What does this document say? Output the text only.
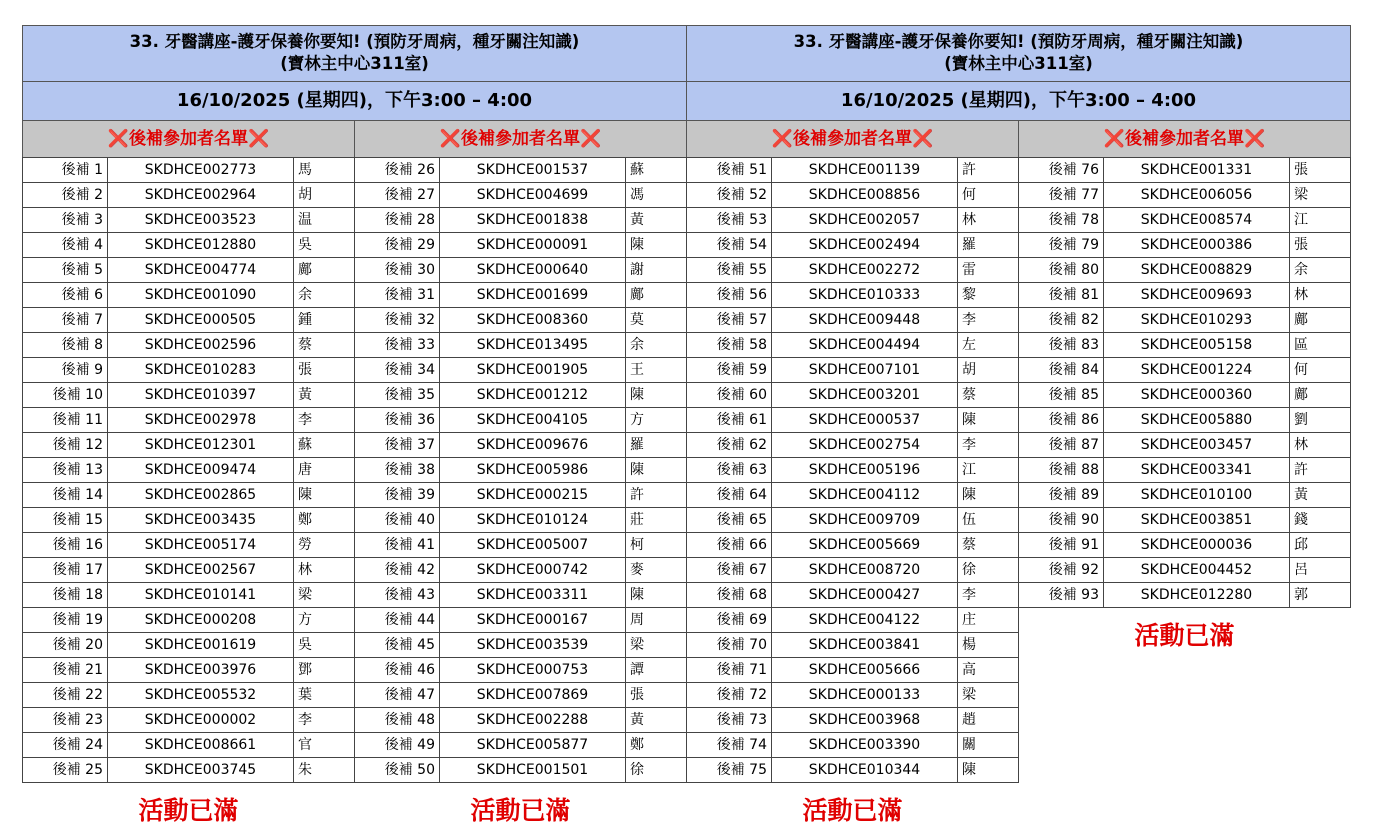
33. 牙醫講座-護牙保養你要知! (預防牙周病，種牙關注知識)
(寶林主中心311室)
33. 牙醫講座-護牙保養你要知! (預防牙周病，種牙關注知識)
(寶林主中心311室)
16/10/2025 (星期四)，下午3:00 – 4:00	16/10/2025 (星期四)，下午3:00 – 4:00
❌後補參加者名單❌	❌後補參加者名單❌	❌後補參加者名單❌	❌後補參加者名單❌
後補 1	SKDHCE002773	馬
後補 2	SKDHCE002964	胡
後補 3	SKDHCE003523	温
後補 4	SKDHCE012880	吳
後補 5	SKDHCE004774	鄺
後補 6	SKDHCE001090	余
後補 7	SKDHCE000505	鍾
後補 8	SKDHCE002596	蔡
後補 9	SKDHCE010283	張
後補 10	SKDHCE010397	黃
後補 11	SKDHCE002978	李
後補 12	SKDHCE012301	蘇
後補 13	SKDHCE009474	唐
後補 14	SKDHCE002865	陳
後補 15	SKDHCE003435	鄭
後補 16	SKDHCE005174	勞
後補 17	SKDHCE002567	林
後補 18	SKDHCE010141	梁
後補 19	SKDHCE000208	方
後補 20	SKDHCE001619	吳
後補 21	SKDHCE003976	鄧
後補 22	SKDHCE005532	葉
後補 23	SKDHCE000002	李
後補 24	SKDHCE008661	官
後補 25	SKDHCE003745	朱
後補 26	SKDHCE001537	蘇
後補 27	SKDHCE004699	馮
後補 28	SKDHCE001838	黃
後補 29	SKDHCE000091	陳
後補 30	SKDHCE000640	謝
後補 31	SKDHCE001699	鄺
後補 32	SKDHCE008360	莫
後補 33	SKDHCE013495	余
後補 34	SKDHCE001905	王
後補 35	SKDHCE001212	陳
後補 36	SKDHCE004105	方
後補 37	SKDHCE009676	羅
後補 38	SKDHCE005986	陳
後補 39	SKDHCE000215	許
後補 40	SKDHCE010124	莊
後補 41	SKDHCE005007	柯
後補 42	SKDHCE000742	麥
後補 43	SKDHCE003311	陳
後補 44	SKDHCE000167	周
後補 45	SKDHCE003539	梁
後補 46	SKDHCE000753	譚
後補 47	SKDHCE007869	張
後補 48	SKDHCE002288	黃
後補 49	SKDHCE005877	鄭
後補 50	SKDHCE001501	徐
後補 51	SKDHCE001139	許
後補 52	SKDHCE008856	何
後補 53	SKDHCE002057	林
後補 54	SKDHCE002494	羅
後補 55	SKDHCE002272	雷
後補 56	SKDHCE010333	黎
後補 57	SKDHCE009448	李
後補 58	SKDHCE004494	左
後補 59	SKDHCE007101	胡
後補 60	SKDHCE003201	蔡
後補 61	SKDHCE000537	陳
後補 62	SKDHCE002754	李
後補 63	SKDHCE005196	江
後補 64	SKDHCE004112	陳
後補 65	SKDHCE009709	伍
後補 66	SKDHCE005669	蔡
後補 67	SKDHCE008720	徐
後補 68	SKDHCE000427	李
後補 69	SKDHCE004122	庄
後補 70	SKDHCE003841	楊
後補 71	SKDHCE005666	高
後補 72	SKDHCE000133	梁
後補 73	SKDHCE003968	趙
後補 74	SKDHCE003390	關
後補 75	SKDHCE010344	陳
後補 76	SKDHCE001331	張
後補 77	SKDHCE006056	梁
後補 78	SKDHCE008574	江
後補 79	SKDHCE000386	張
後補 80	SKDHCE008829	余
後補 81	SKDHCE009693	林
後補 82	SKDHCE010293	鄺
後補 83	SKDHCE005158	區
後補 84	SKDHCE001224	何
後補 85	SKDHCE000360	鄺
後補 86	SKDHCE005880	劉
後補 87	SKDHCE003457	林
後補 88	SKDHCE003341	許
後補 89	SKDHCE010100	黃
後補 90	SKDHCE003851	錢
後補 91	SKDHCE000036	邱
後補 92	SKDHCE004452	呂
後補 93	SKDHCE012280	郭
活動已滿	活動已滿	活動已滿
活動已滿
